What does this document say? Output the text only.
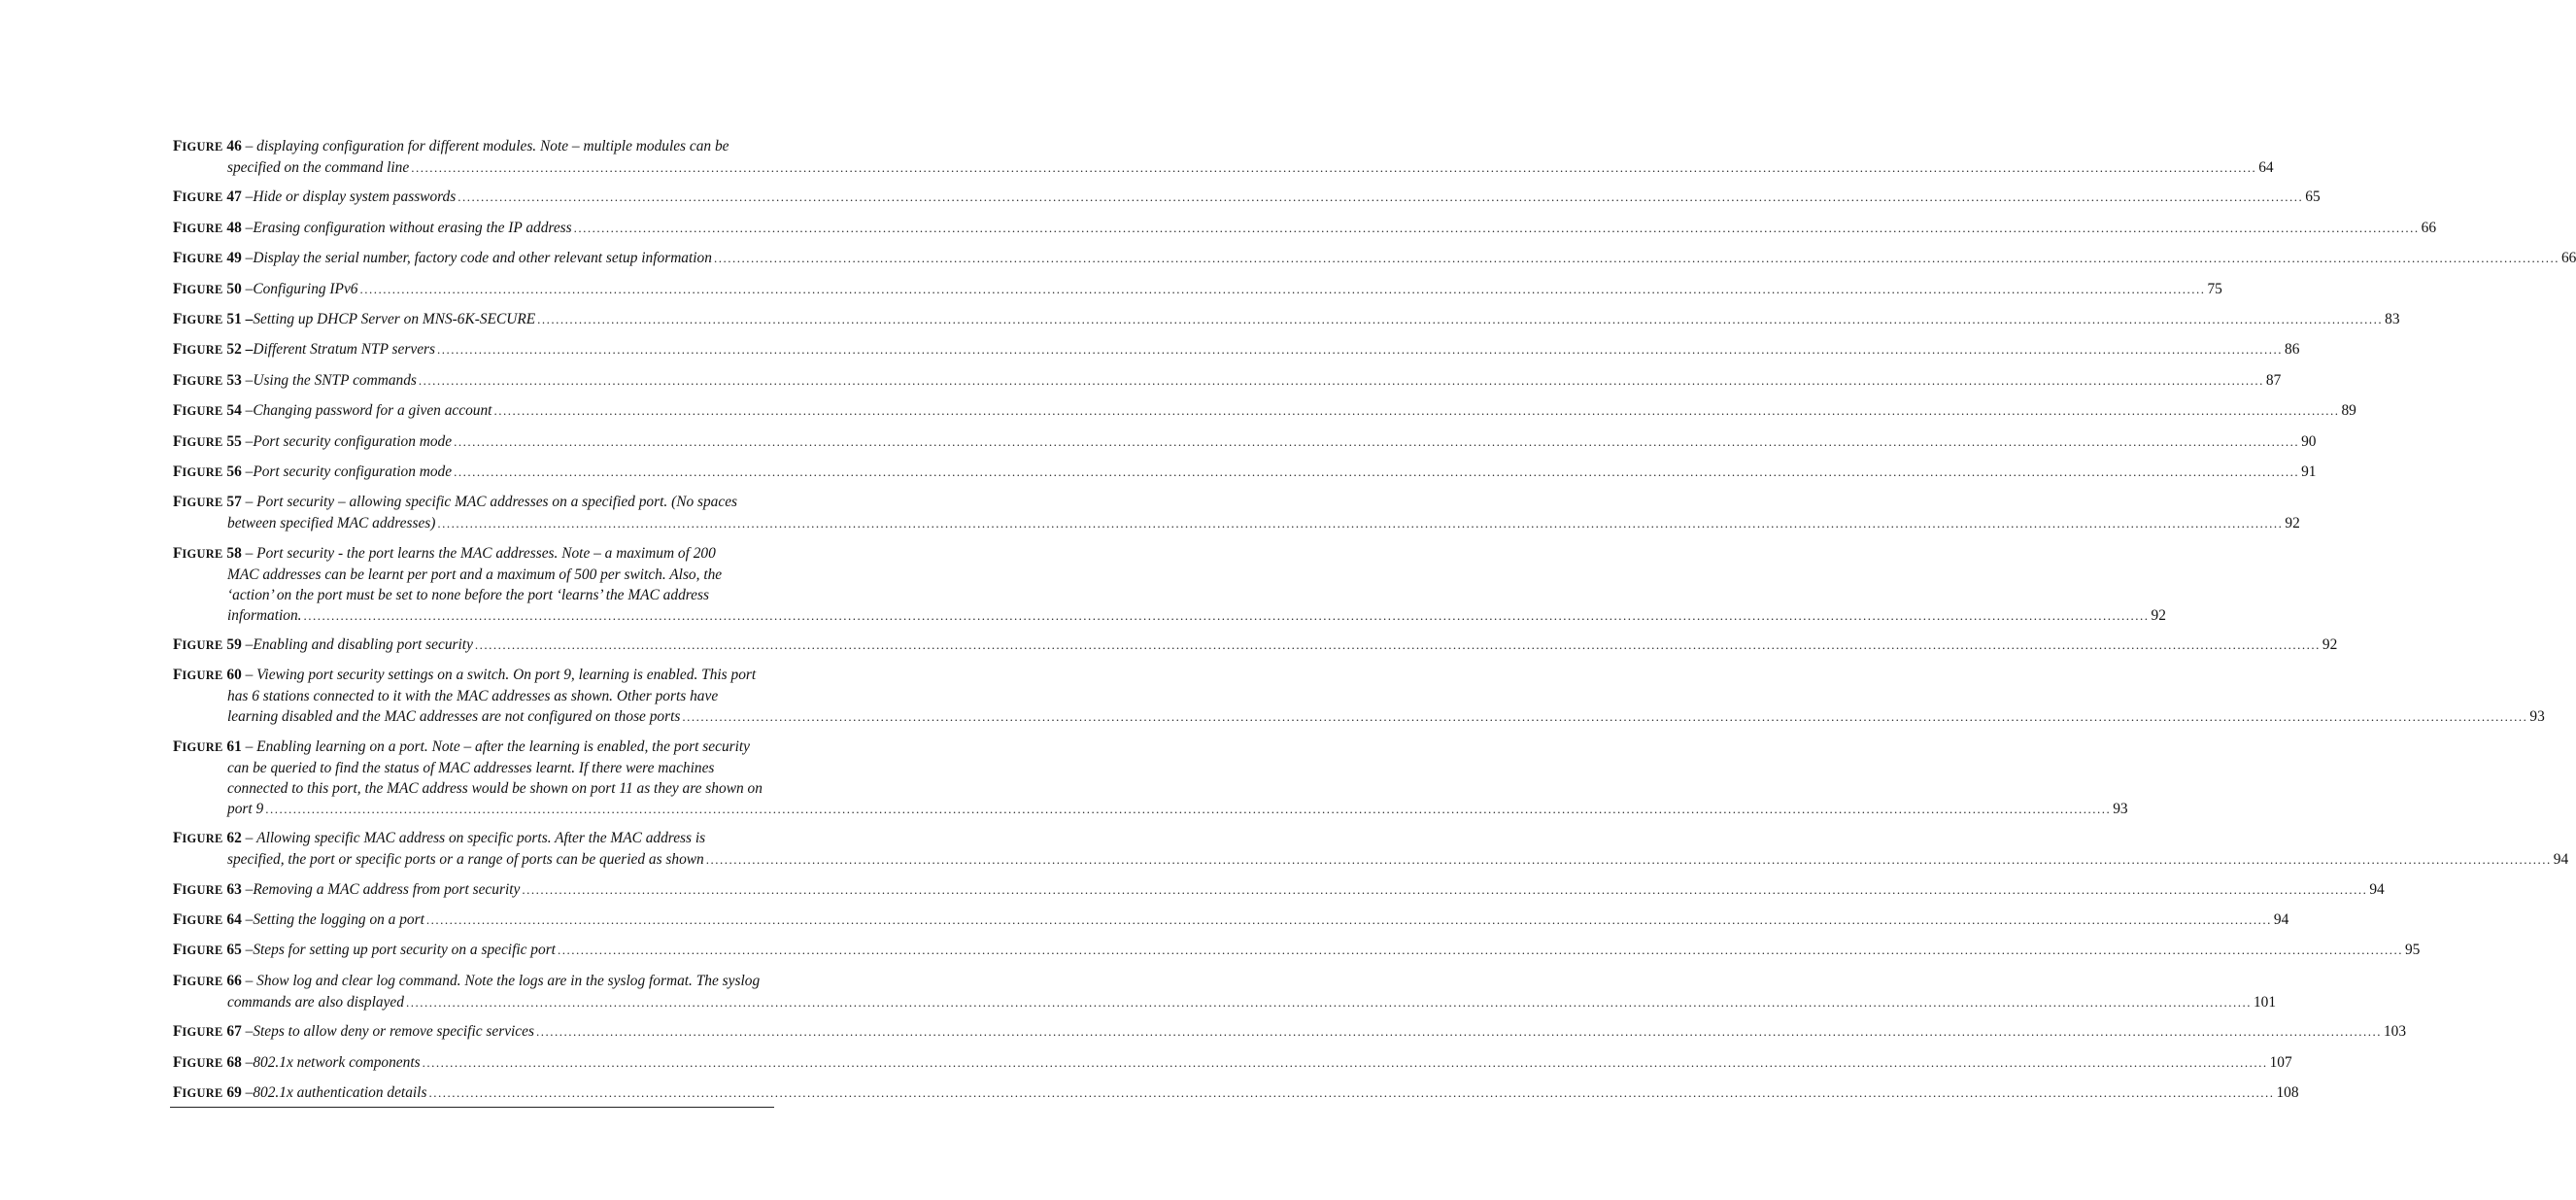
FIGURE 46 – displaying configuration for different modules. Note – multiple modules can be

specified on the command line ................................................................................................................................................................................................................................................................................................................................................................................................................ 64
FIGURE 47 – Hide or display system passwords ................................................................................................................................................................................................................................................................................................................................................................................................................ 65
FIGURE 48 – Erasing configuration without erasing the IP address ................................................................................................................................................................................................................................................................................................................................................................................................................ 66
FIGURE 49 – Display the serial number, factory code and other relevant setup information ................................................................................................................................................................................................................................................................................................................................................................................................................ 66
FIGURE 50 – Configuring IPv6 ................................................................................................................................................................................................................................................................................................................................................................................................................ 75
FIGURE 51 – Setting up DHCP Server on MNS-6K-SECURE ................................................................................................................................................................................................................................................................................................................................................................................................................ 83
FIGURE 52 – Different Stratum NTP servers ................................................................................................................................................................................................................................................................................................................................................................................................................ 86
FIGURE 53 – Using the SNTP commands ................................................................................................................................................................................................................................................................................................................................................................................................................ 87
FIGURE 54 – Changing password for a given account ................................................................................................................................................................................................................................................................................................................................................................................................................ 89
FIGURE 55 – Port security configuration mode ................................................................................................................................................................................................................................................................................................................................................................................................................ 90
FIGURE 56 – Port security configuration mode ................................................................................................................................................................................................................................................................................................................................................................................................................ 91
FIGURE 57 – Port security – allowing specific MAC addresses on a specified port. (No spaces

between specified MAC addresses) ................................................................................................................................................................................................................................................................................................................................................................................................................ 92
FIGURE 58 – Port security - the port learns the MAC addresses. Note – a maximum of 200
MAC addresses can be learnt per port and a maximum of 500 per switch. Also, the
‘action’ on the port must be set to none before the port ‘learns’ the MAC address

information. ................................................................................................................................................................................................................................................................................................................................................................................................................ 92
FIGURE 59 – Enabling and disabling port security ................................................................................................................................................................................................................................................................................................................................................................................................................ 92
FIGURE 60 – Viewing port security settings on a switch. On port 9, learning is enabled. This port
has 6 stations connected to it with the MAC addresses as shown. Other ports have

learning disabled and the MAC addresses are not configured on those ports ................................................................................................................................................................................................................................................................................................................................................................................................................ 93
FIGURE 61 – Enabling learning on a port. Note – after the learning is enabled, the port security
can be queried to find the status of MAC addresses learnt. If there were machines
connected to this port, the MAC address would be shown on port 11 as they are shown on

port 9 ................................................................................................................................................................................................................................................................................................................................................................................................................ 93
FIGURE 62 – Allowing specific MAC address on specific ports. After the MAC address is

specified, the port or specific ports or a range of ports can be queried as shown ................................................................................................................................................................................................................................................................................................................................................................................................................ 94
FIGURE 63 – Removing a MAC address from port security ................................................................................................................................................................................................................................................................................................................................................................................................................ 94
FIGURE 64 – Setting the logging on a port ................................................................................................................................................................................................................................................................................................................................................................................................................ 94
FIGURE 65 – Steps for setting up port security on a specific port ................................................................................................................................................................................................................................................................................................................................................................................................................ 95
FIGURE 66 – Show log and clear log command. Note the logs are in the syslog format. The syslog

commands are also displayed ................................................................................................................................................................................................................................................................................................................................................................................................................ 101
FIGURE 67 – Steps to allow deny or remove specific services ................................................................................................................................................................................................................................................................................................................................................................................................................ 103
FIGURE 68 – 802.1x network components ................................................................................................................................................................................................................................................................................................................................................................................................................ 107
FIGURE 69 – 802.1x authentication details ................................................................................................................................................................................................................................................................................................................................................................................................................ 108
